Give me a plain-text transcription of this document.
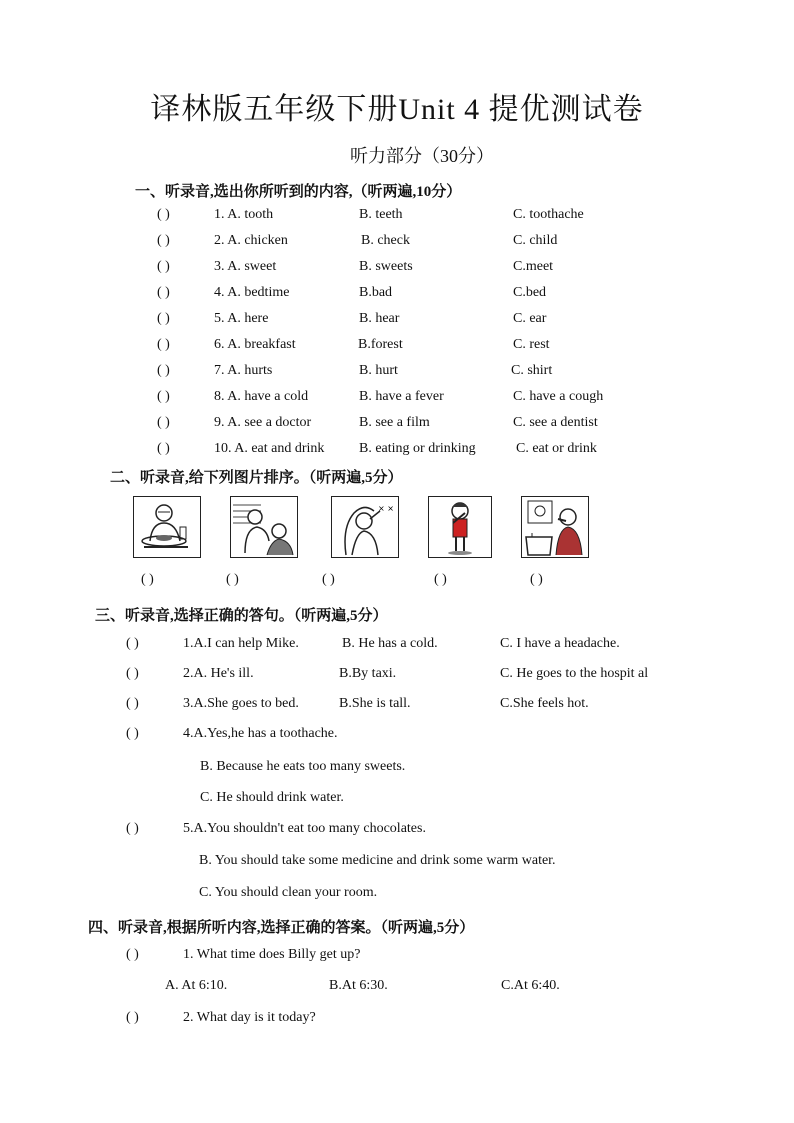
译林版五年级下册Unit 4 提优测试卷
听力部分（30分）
一、听录音,选出你所听到的内容,（听两遍,10分）
( )	1. A. tooth	B. teeth	C. toothache
( )	2. A. chicken	B. check	C. child
( )	3. A. sweet	B. sweets	C.meet
( )	4. A. bedtime	B.bad	C.bed
( )	5. A. here	B. hear	C. ear
( )	6. A. breakfast	B.forest	C. rest
( )	7. A. hurts	B. hurt	C. shirt
( )	8. A. have a cold	B. have a fever	C. have a cough
( )	9. A. see a doctor	B. see a film	C. see a dentist
( )	10. A. eat and drink B. eating or drinking	C. eat or drink
二、听录音,给下列图片排序。（听两遍,5分）
× ×
( )	( )	( )	( )	( )
三、听录音,选择正确的答句。（听两遍,5分）
( )	1.A.I can help Mike.	B. He has a cold.	C. I have a headache.
( )	2.A. He's ill.	B.By taxi.	C. He goes to the hospit al
( )	3.A.She goes to bed.	B.She is tall.	C.She feels hot.
( )	4.A.Yes,he has a toothache.
B. Because he eats too many sweets.
C. He should drink water.
( )	5.A.You shouldn't eat too many chocolates.
B. You should take some medicine and drink some warm water.
C. You should clean your room.
四、听录音,根据所听内容,选择正确的答案。（听两遍,5分）
( )	1. What time does Billy get up?
A. At 6:10.	B.At 6:30.	C.At 6:40.
( )	2. What day is it today?
